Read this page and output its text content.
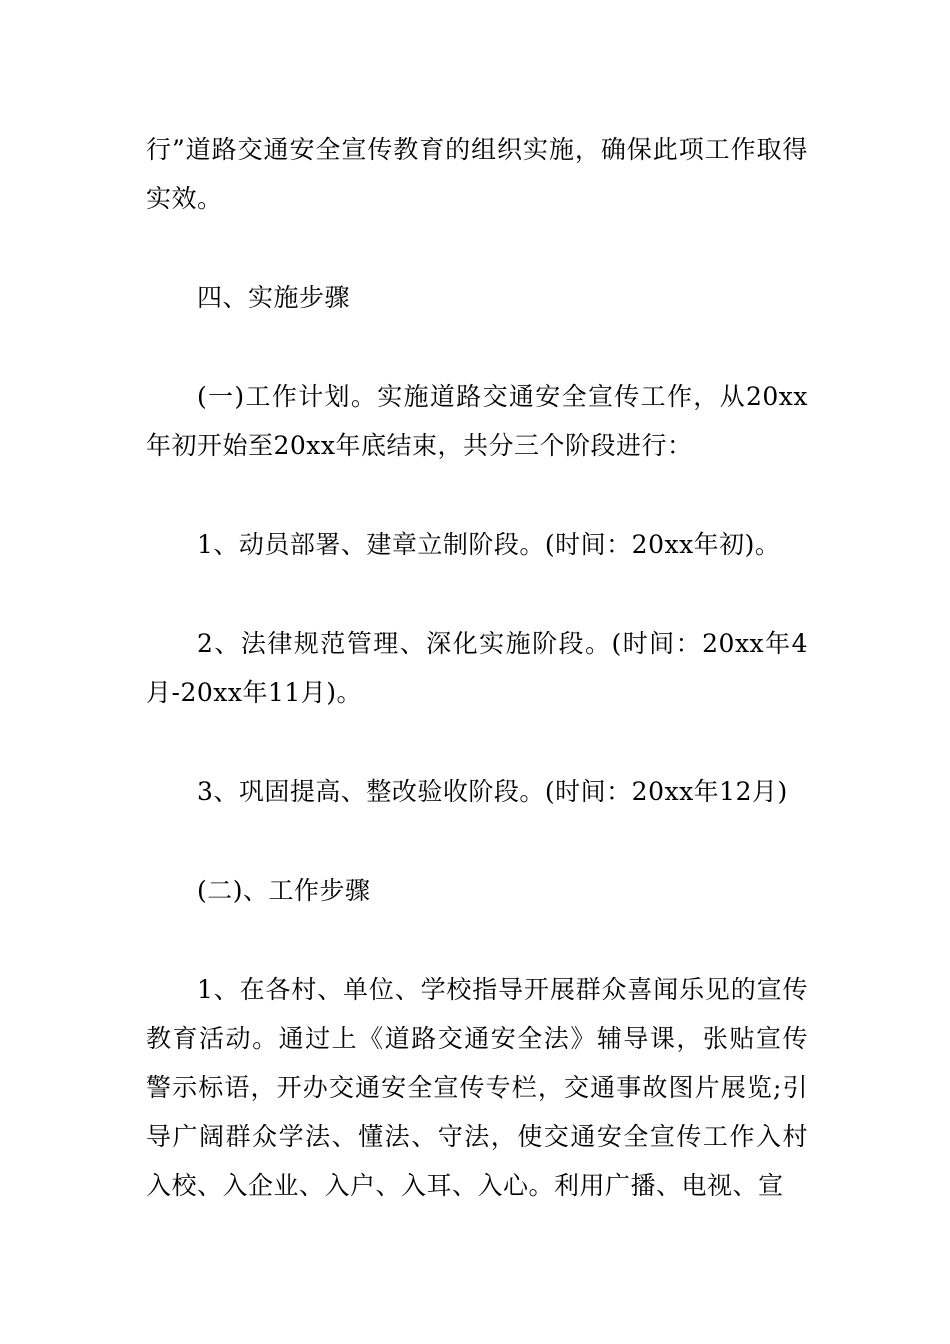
行”道路交通安全宣传教育的组织实施，确保此项工作取得实效。

四、实施步骤

(一)工作计划。实施道路交通安全宣传工作，从20xx年初开始至20xx年底结束，共分三个阶段进行：

1、动员部署、建章立制阶段。(时间：20xx年初)。

2、法律规范管理、深化实施阶段。(时间：20xx年4月-20xx年11月)。

3、巩固提高、整改验收阶段。(时间：20xx年12月)

(二)、工作步骤

1、在各村、单位、学校指导开展群众喜闻乐见的宣传教育活动。通过上《道路交通安全法》辅导课，张贴宣传警示标语，开办交通安全宣传专栏，交通事故图片展览;引导广阔群众学法、懂法、守法，使交通安全宣传工作入村入校、入企业、入户、入耳、入心。利用广播、电视、宣
